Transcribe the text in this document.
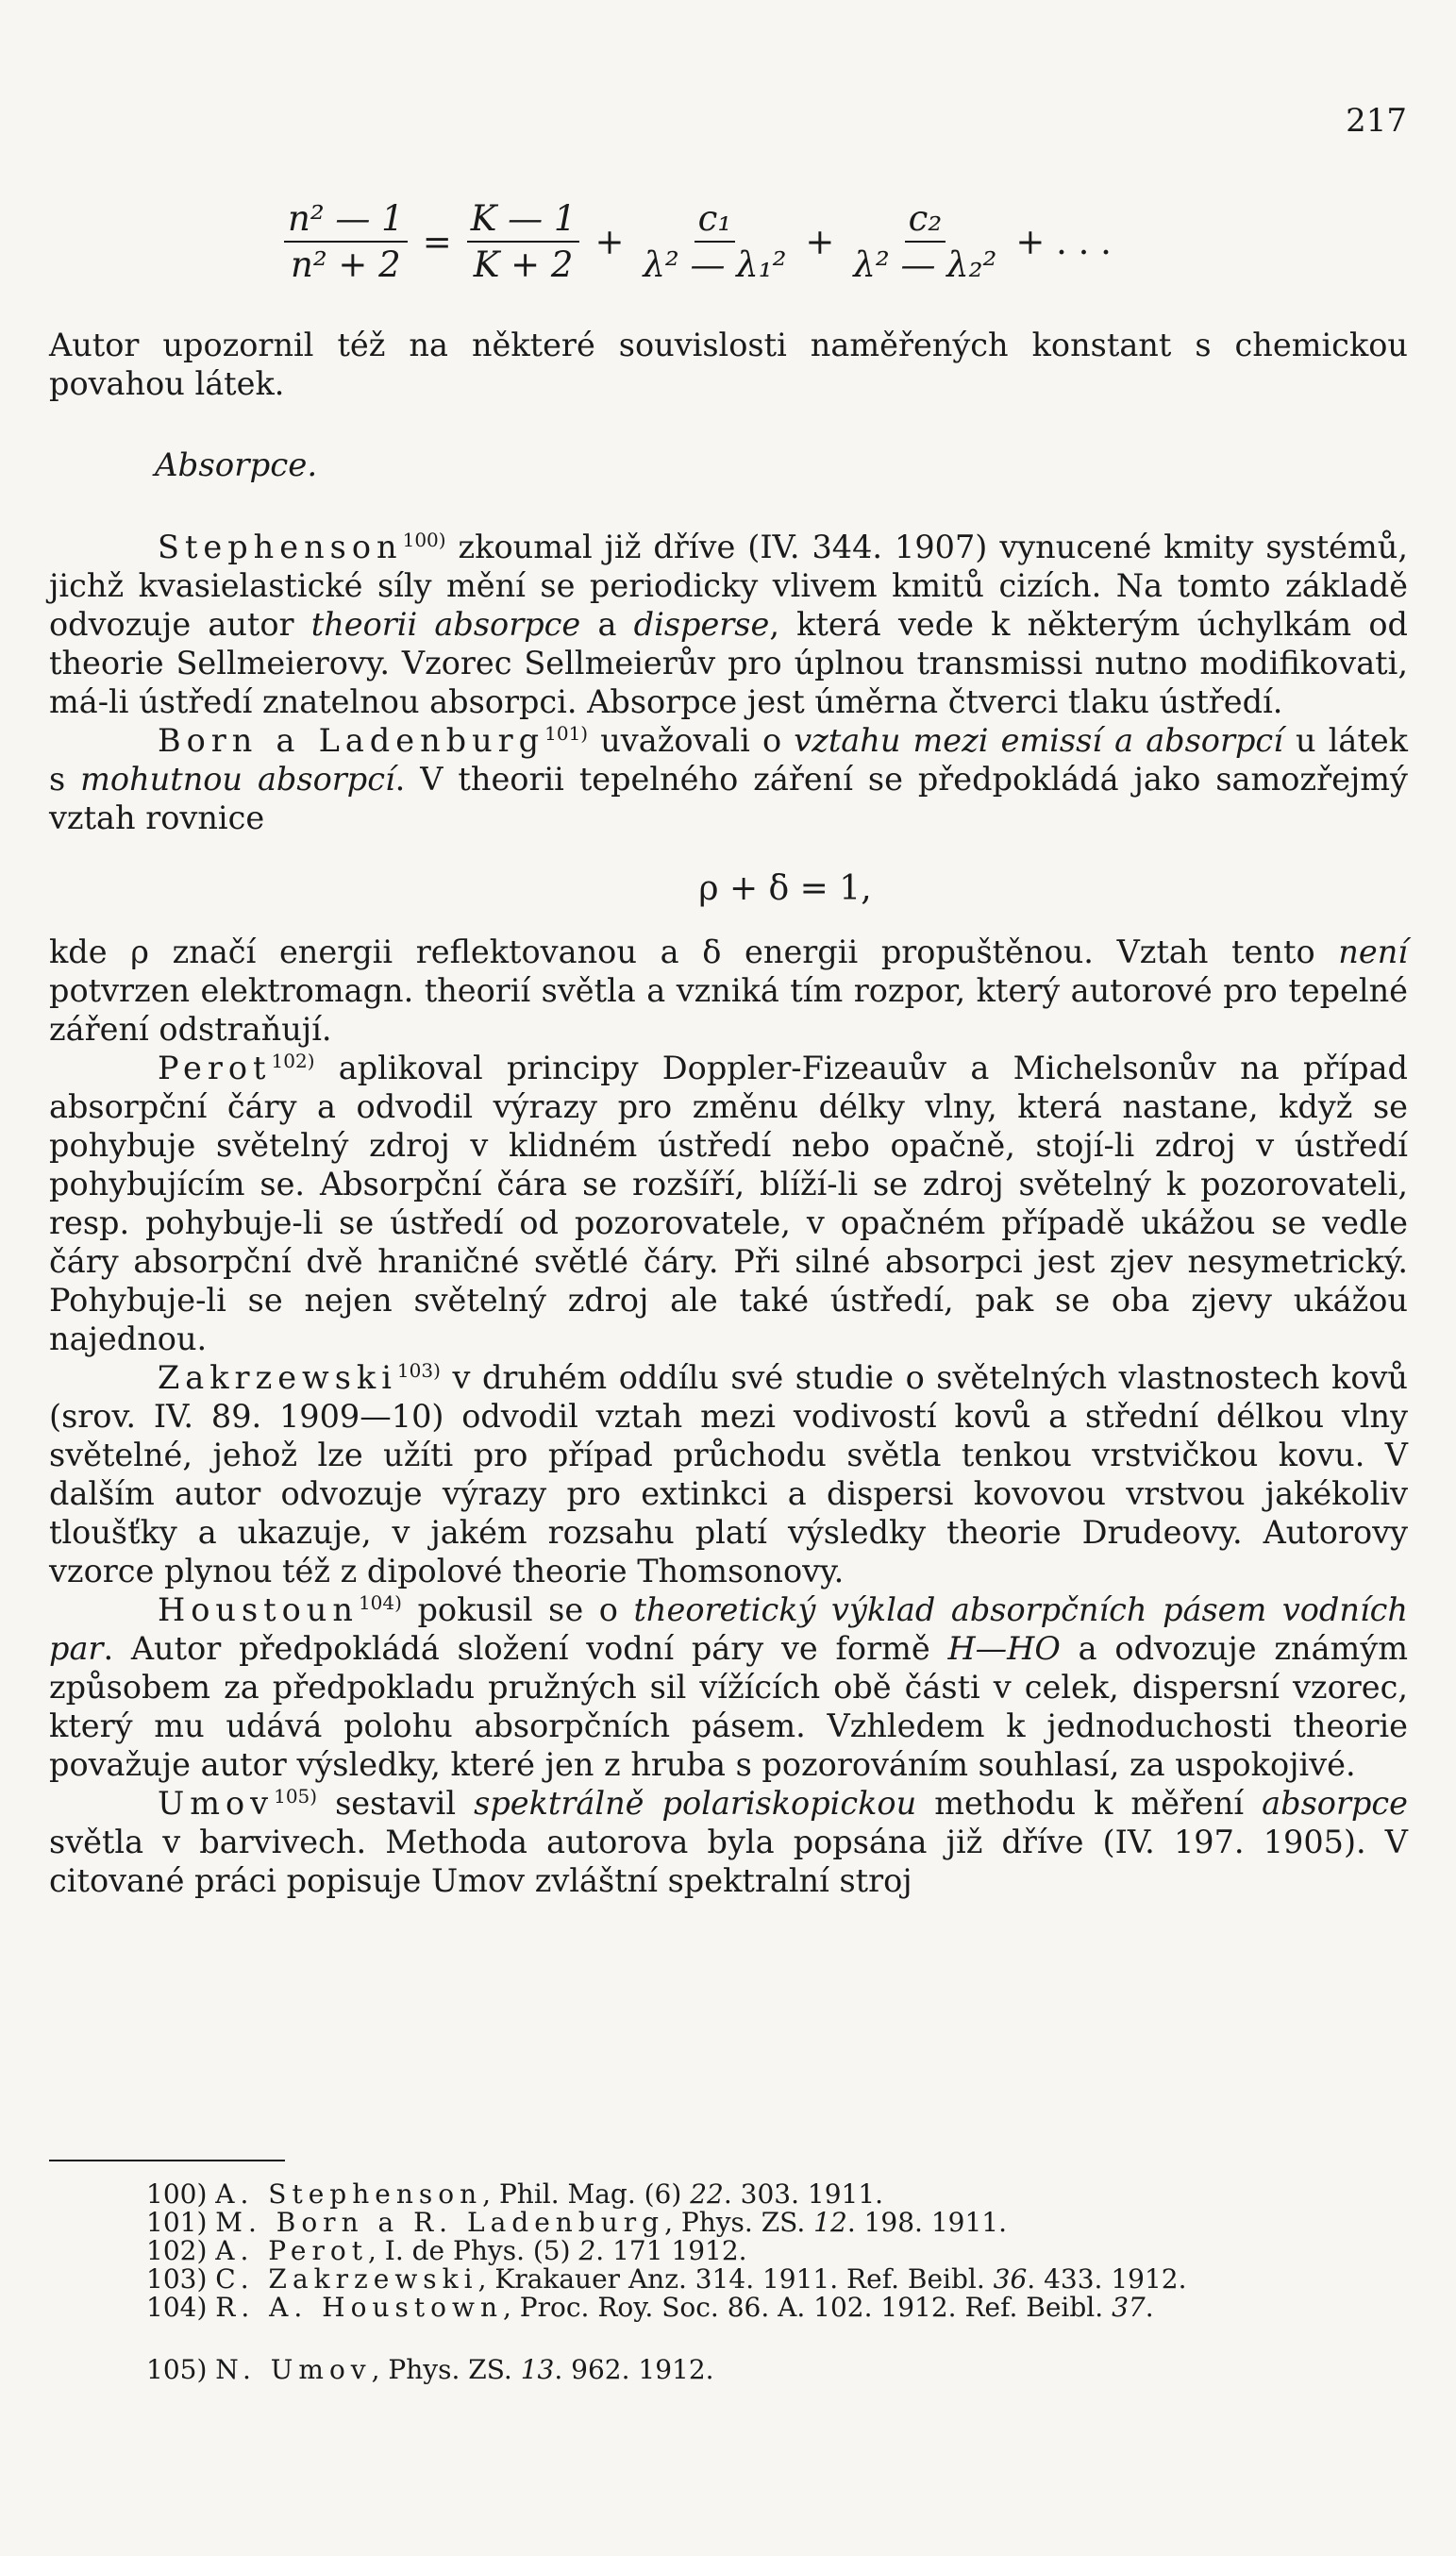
217
$\frac{\text{n² — 1}}{\text{n² + 2}} = \frac{K — 1}{K + 2} + \frac{\text{c₁}}{\text{λ² — λ₁²}} + \frac{\text{c₂}}{\text{λ² — λ₂²}}$ + . . .

Autor upozornil též na některé souvislosti naměřených konstant s chemickou povahou látek.

Absorpce.

Stephenson$^{100)}$ zkoumal již dříve (IV. 344. 1907) vynucené kmity systémů, jichž kvasielastické síly mění se periodicky vlivem kmitů cizích. Na tomto základě odvozuje autor theorii absorpce a disperse, která vede k některým úchylkám od theorie Sellmeierovy. Vzorec Sellmeierův pro úplnou transmissi nutno modifikovati, má-li ústředí znatelnou absorpci. Absorpce jest úměrna čtverci tlaku ústředí.

Born a Ladenburg$^{101)}$ uvažovali o vztahu mezi emissí a absorpcí u látek s mohutnou absorpcí. V theorii tepelného záření se předpokládá jako samozřejmý vztah rovnice

ρ + δ = 1,

kde ρ značí energii reflektovanou a δ energii propuštěnou. Vztah tento není potvrzen elektromagn. theorií světla a vzniká tím rozpor, který autorové pro tepelné záření odstraňují.

Perot$^{102)}$ aplikoval principy Doppler-Fizeauův a Michelsonův na případ absorpční čáry a odvodil výrazy pro změnu délky vlny, která nastane, když se pohybuje světelný zdroj v klidném ústředí nebo opačně, stojí-li zdroj v ústředí pohybujícím se. Absorpční čára se rozšíří, blíží-li se zdroj světelný k pozorovateli, resp. pohybuje-li se ústředí od pozorovatele, v opačném případě ukážou se vedle čáry absorpční dvě hraničné světlé čáry. Při silné absorpci jest zjev nesymetrický. Pohybuje-li se nejen světelný zdroj ale také ústředí, pak se oba zjevy ukážou najednou.

Zakrzewski$^{103)}$ v druhém oddílu své studie o světelných vlastnostech kovů (srov. IV. 89. 1909—10) odvodil vztah mezi vodivostí kovů a střední délkou vlny světelné, jehož lze užíti pro případ průchodu světla tenkou vrstvičkou kovu. V dalším autor odvozuje výrazy pro extinkci a dispersi kovovou vrstvou jakékoliv tloušťky a ukazuje, v jakém rozsahu platí výsledky theorie Drudeovy. Autorovy vzorce plynou též z dipolové theorie Thomsonovy.

Houstoun$^{104)}$ pokusil se o theoretický výklad absorpčních pásem vodních par. Autor předpokládá složení vodní páry ve formě H—HO a odvozuje známým způsobem za předpokladu pružných sil vížících obě části v celek, dispersní vzorec, který mu udává polohu absorpčních pásem. Vzhledem k jednoduchosti theorie považuje autor výsledky, které jen z hruba s pozorováním souhlasí, za uspokojivé.

Umov$^{105)}$ sestavil spektrálně polariskopickou methodu k měření absorpce světla v barvivech. Methoda autorova byla popsána již dříve (IV. 197. 1905). V citované práci popisuje Umov zvláštní spektralní stroj

100) A. Stephenson, Phil. Mag. (6) 22. 303. 1911.

101) M. Born a R. Ladenburg, Phys. ZS. 12. 198. 1911.

102) A. Perot, I. de Phys. (5) 2. 171 1912.

103) C. Zakrzewski, Krakauer Anz. 314. 1911. Ref. Beibl. 36. 433. 1912.

104) R. A. Houstown, Proc. Roy. Soc. 86. A. 102. 1912. Ref. Beibl. 37.

105) N. Umov, Phys. ZS. 13. 962. 1912.
